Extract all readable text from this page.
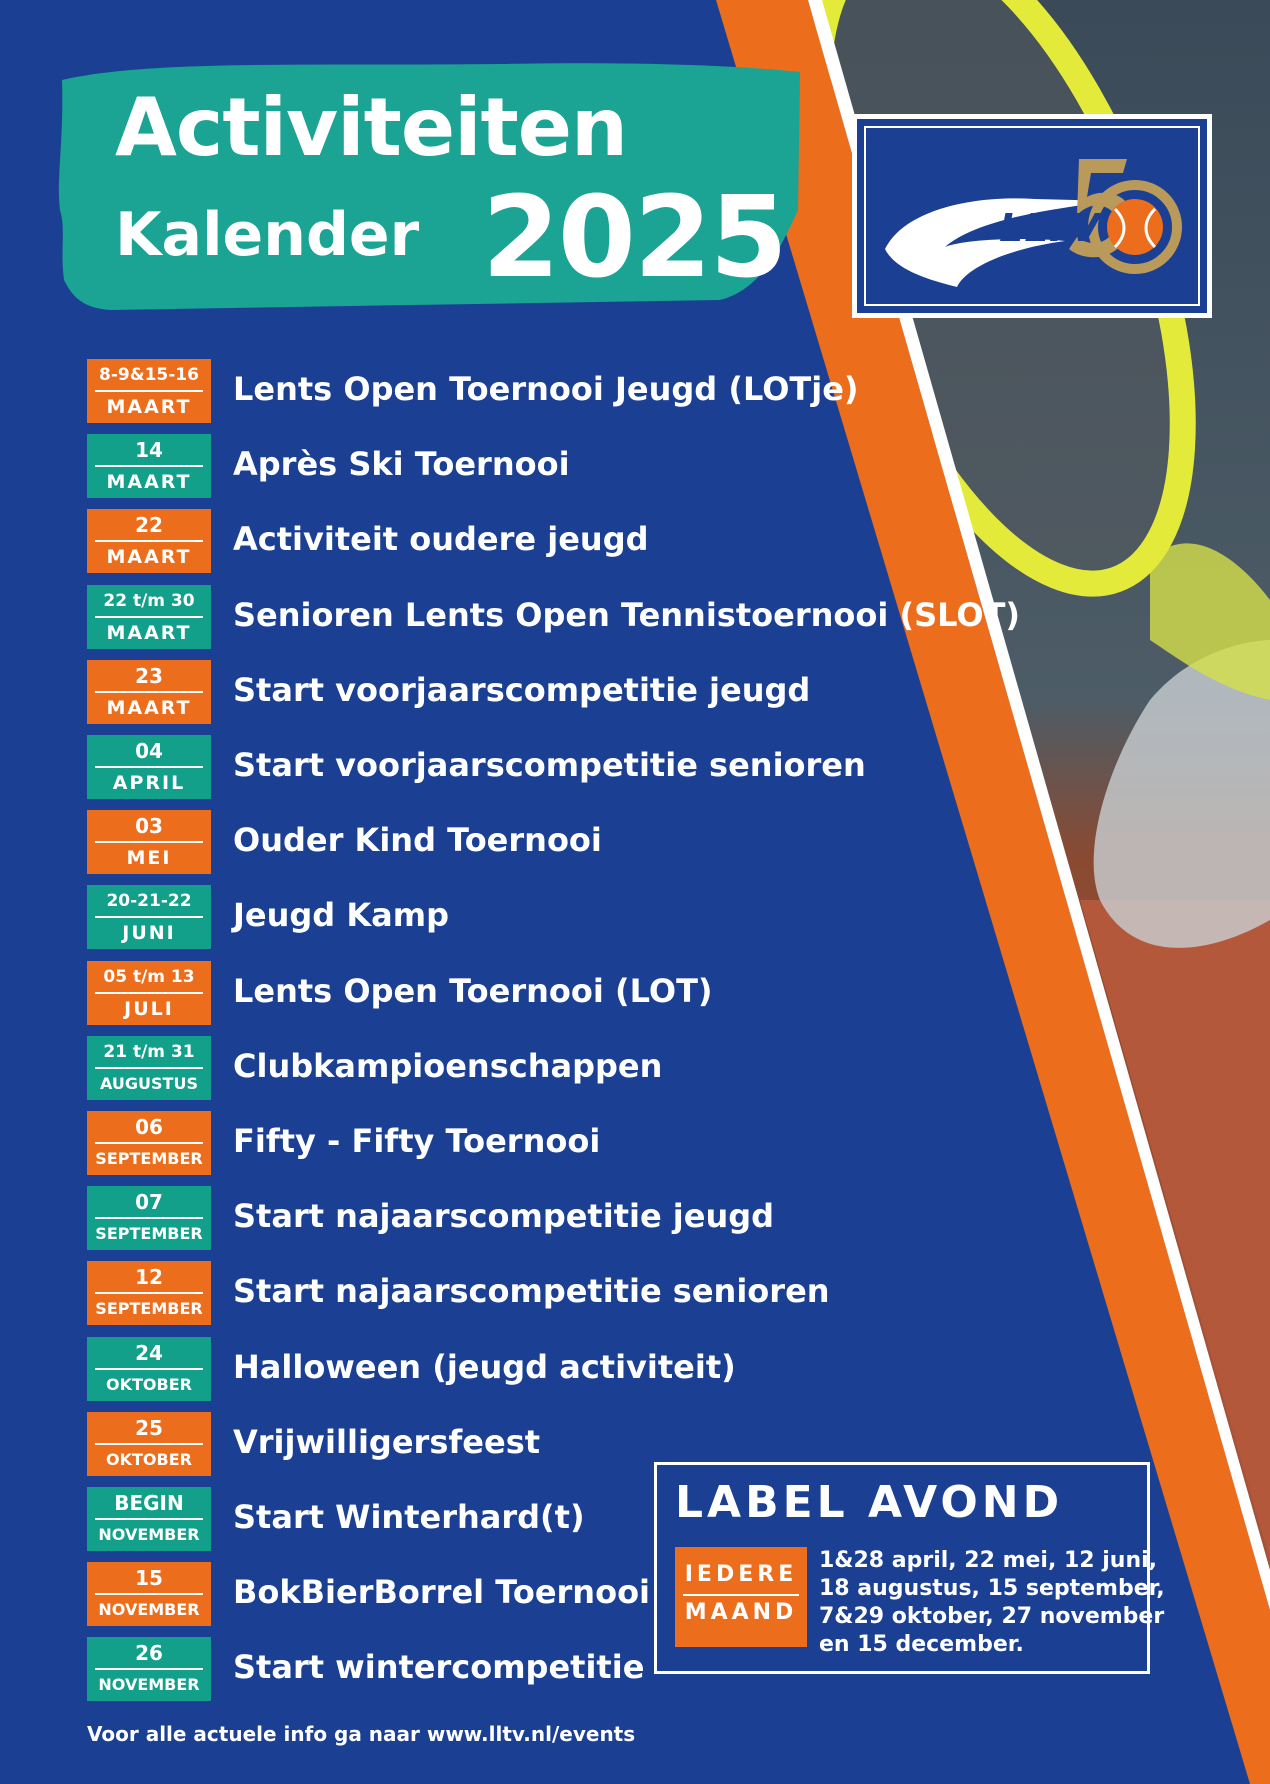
Activiteiten
Kalender 2025	LLTV
8-9&15-16
MAART	Lents Open Toernooi Jeugd (LOTje)
14
MAART	Après Ski Toernooi
22
MAART	Activiteit oudere jeugd
22 t/m 30
MAART	Senioren Lents Open Tennistoernooi (SLOT)
23
MAART	Start voorjaarscompetitie jeugd
04
APRIL	Start voorjaarscompetitie senioren
03
MEI	Ouder Kind Toernooi
20-21-22
JUNI	Jeugd Kamp
05 t/m 13
JULI	Lents Open Toernooi (LOT)
21 t/m 31
AUGUSTUS	Clubkampioenschappen
06
SEPTEMBER Fifty - Fifty Toernooi
07
SEPTEMBER Start najaarscompetitie jeugd
12
SEPTEMBER Start najaarscompetitie senioren
24
OKTOBER	Halloween (jeugd activiteit)
25
OKTOBER	Vrijwilligersfeest
BEGIN
NOVEMBER	Start Winterhard(t)
15
NOVEMBER	BokBierBorrel Toernooi
26
NOVEMBER	Start wintercompetitie
LABEL AVOND
IEDERE
MAAND
1&28 april, 22 mei, 12 juni,
18 augustus, 15 september,
7&29 oktober, 27 november
en 15 december.
Voor alle actuele info ga naar www.lltv.nl/events
